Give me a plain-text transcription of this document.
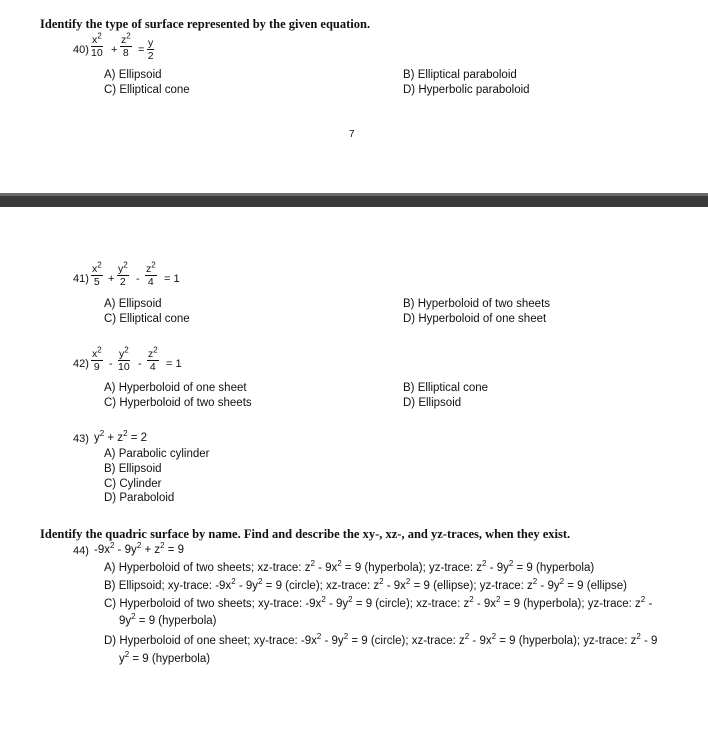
Identify the type of surface represented by the given equation.
$40) \frac{x^2}{10} + \frac{z^2}{8} = \frac{y}{2}$
A) Ellipsoid	B) Elliptical paraboloid
C) Elliptical cone	D) Hyperbolic paraboloid
7
$41) \frac{x^2}{5} + \frac{y^2}{2} - \frac{z^2}{4} = 1$
A) Ellipsoid	B) Hyperboloid of two sheets
C) Elliptical cone	D) Hyperboloid of one sheet
$42) \frac{x^2}{9} - \frac{y^2}{10} - \frac{z^2}{4} = 1$
A) Hyperboloid of one sheet	B) Elliptical cone
C) Hyperboloid of two sheets	D) Ellipsoid
43) $y^2 + z^2 = 2$
A) Parabolic cylinder
B) Ellipsoid
C) Cylinder
D) Paraboloid
Identify the quadric surface by name. Find and describe the xy-, xz-, and yz-traces, when they exist.
44) $-9x^2 - 9y^2 + z^2 = 9$
A) Hyperboloid of two sheets; xz-trace: $z^2 - 9x^2 = 9$ (hyperbola); yz-trace: $z^2 - 9y^2 = 9$ (hyperbola)
B) Ellipsoid; xy-trace: $-9x^2 - 9y^2 = 9$ (circle); xz-trace: $z^2 - 9x^2 = 9$ (ellipse); yz-trace: $z^2 - 9y^2 = 9$ (ellipse)
C) Hyperboloid of two sheets; xy-trace: $-9x^2 - 9y^2 = 9$ (circle); xz-trace: $z^2 - 9x^2 = 9$ (hyperbola); yz-trace: $z^2$ -
$9y^2 = 9$ (hyperbola)
D) Hyperboloid of one sheet; xy-trace: $-9x^2 - 9y^2 = 9$ (circle); xz-trace: $z^2 - 9x^2 = 9$ (hyperbola); yz-trace: $z^2 - 9$
$y^2 = 9$ (hyperbola)
